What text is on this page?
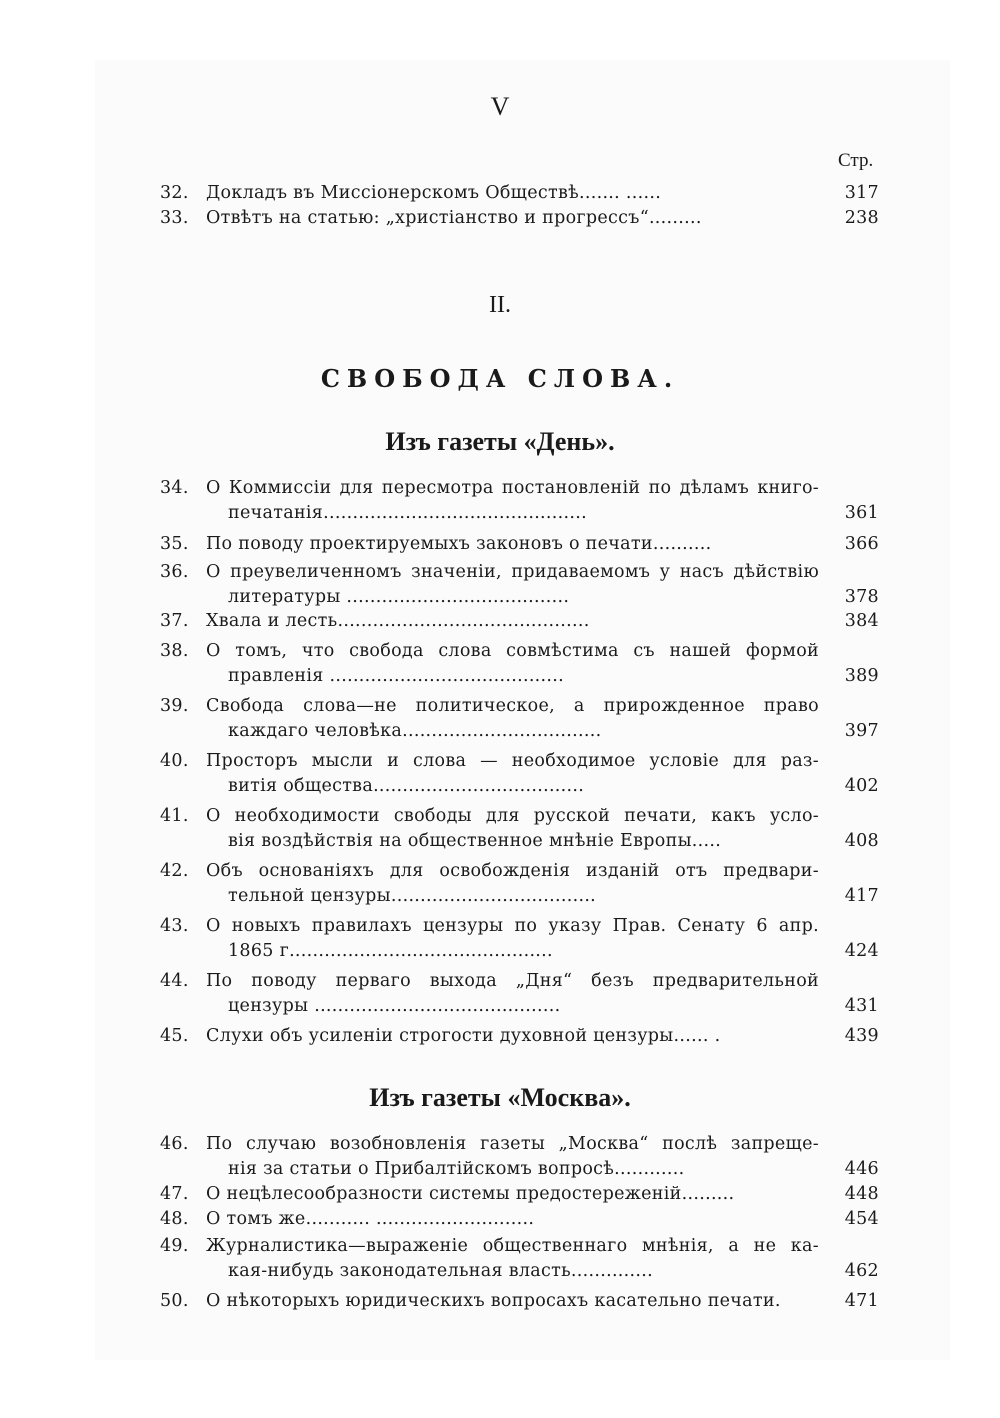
V
Стр.
32. Докладъ въ Миссіонерскомъ Обществѣ....... ......	317
33. Отвѣтъ на статью: „христіанство и прогрессъ“.........	238
II.
СВОБОДА СЛОВА.
Изъ газеты «День».
34. О Коммиссіи для пересмотра постановленій по дѣламъ книго-
печатанія.............................................	361
35. По поводу проектируемыхъ законовъ о печати..........	366
36. О преувеличенномъ значеніи, придаваемомъ у насъ дѣйствію
литературы ......................................	378
37. Хвала и лесть...........................................	384
38. О томъ, что свобода слова совмѣстима съ нашей формой
правленія ........................................	389
39. Свобода слова—не политическое, а прирожденное право
каждаго человѣка..................................	397
40. Просторъ мысли и слова — необходимое условіе для раз-
витія общества....................................	402
41. О необходимости свободы для русской печати, какъ усло-
вія воздѣйствія на общественное мнѣніе Европы.....	408
42. Объ основаніяхъ для освобожденія изданій отъ предвари-
тельной цензуры...................................	417
43. О новыхъ правилахъ цензуры по указу Прав. Сенату 6 апр.
1865 г.............................................	424
44. По поводу перваго выхода „Дня“ безъ предварительной
цензуры ..........................................	431
45. Слухи объ усиленіи строгости духовной цензуры...... .	439
Изъ газеты «Москва».
46. По случаю возобновленія газеты „Москва“ послѣ запреще-
нія за статьи о Прибалтійскомъ вопросѣ............	446
47. О нецѣлесообразности системы предостереженій.........	448
48. О томъ же........... ...........................	454
49. Журналистика—выраженіе общественнаго мнѣнія, а не ка-
кая-нибудь законодательная власть..............	462
50. О нѣкоторыхъ юридическихъ вопросахъ касательно печати.	471
